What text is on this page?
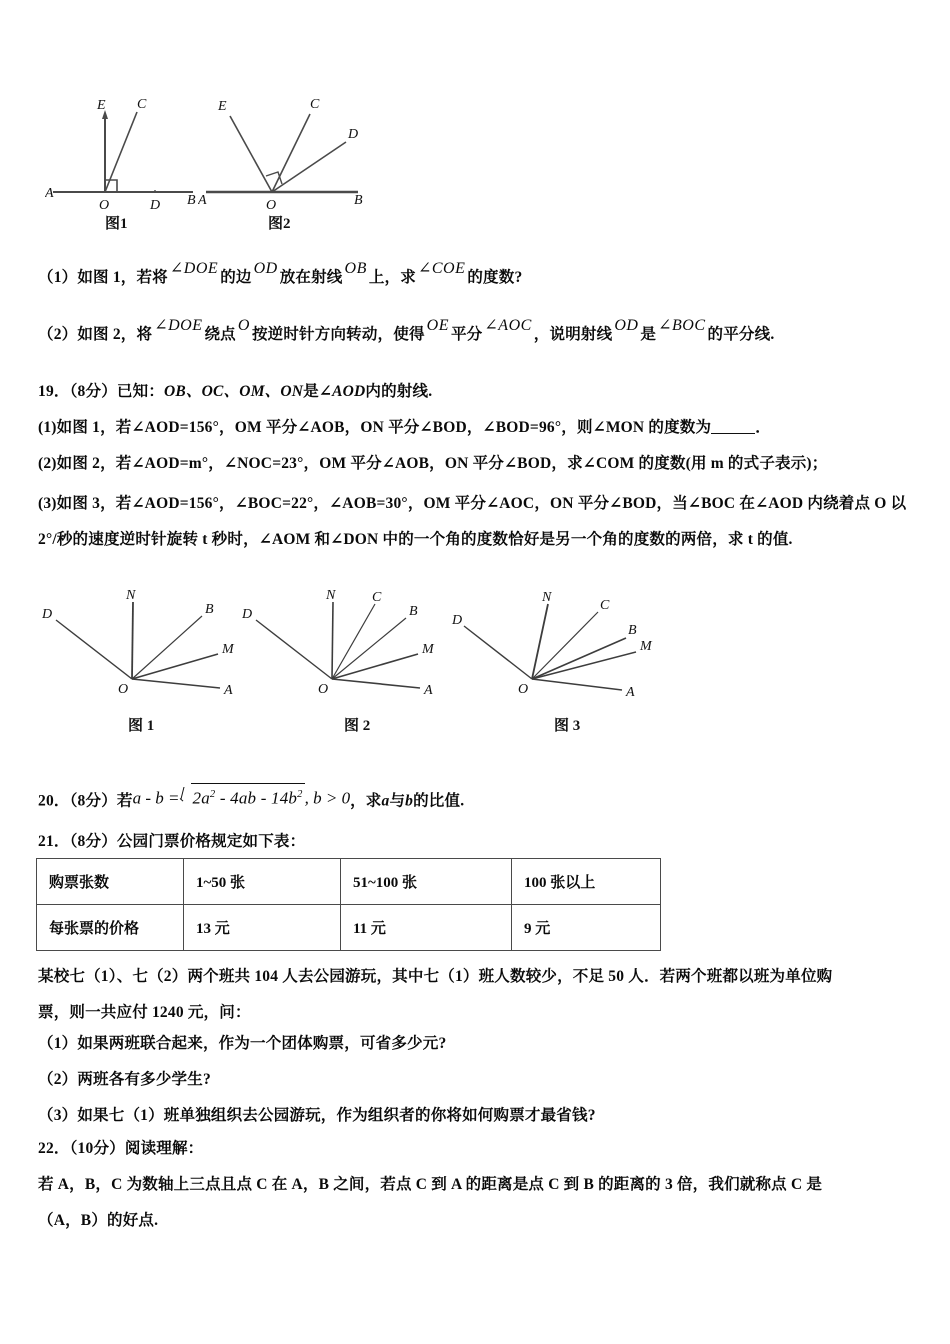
E C
A
O	D B
图1
E	C
D
A	O	B
图2
（1）如图 1，若将∠DOE的边OD放在射线OB上，求∠COE的度数?
（2）如图 2，将∠DOE绕点O按逆时针方向转动，使得OE平分∠AOC，说明射线OD是∠BOC的平分线.
19．（8分）已知：OB、OC、OM、ON是∠AOD内的射线.
(1)如图 1，若∠AOD=156°，OM 平分∠AOB，ON 平分∠BOD，∠BOD=96°，则∠MON 的度数为	．
(2)如图 2，若∠AOD=m°，∠NOC=23°，OM 平分∠AOB，ON 平分∠BOD，求∠COM 的度数(用 m 的式子表示)；
(3)如图 3，若∠AOD=156°，∠BOC=22°，∠AOB=30°，OM 平分∠AOC，ON 平分∠BOD，当∠BOC 在∠AOD 内绕着点 O 以 2°/秒的速度逆时针旋转 t 秒时，∠AOM 和∠DON 中的一个角的度数恰好是另一个角的度数的两倍，求 t 的值.
D
N
B
M
A
O
图 1
D
N	C
B
M
A
O
图 2
D
N
C
B
M
A
O
图 3
20．（8分）若$a - b = 2a^2 - 4ab - 14b^2$ , b > 0，求a与b的比值.
21．（8分）公园门票价格规定如下表：
购票张数	1~50 张	51~100 张	100 张以上
每张票的价格	13 元	11 元	9 元
某校七（1）、七（2）两个班共 104 人去公园游玩，其中七（1）班人数较少，不足 50 人．若两个班都以班为单位购
票，则一共应付 1240 元，问：
（1）如果两班联合起来，作为一个团体购票，可省多少元?
（2）两班各有多少学生?
（3）如果七（1）班单独组织去公园游玩，作为组织者的你将如何购票才最省钱?
22．（10分）阅读理解：
若 A，B，C 为数轴上三点且点 C 在 A，B 之间，若点 C 到 A 的距离是点 C 到 B 的距离的 3 倍，我们就称点 C 是
（A，B）的好点.
